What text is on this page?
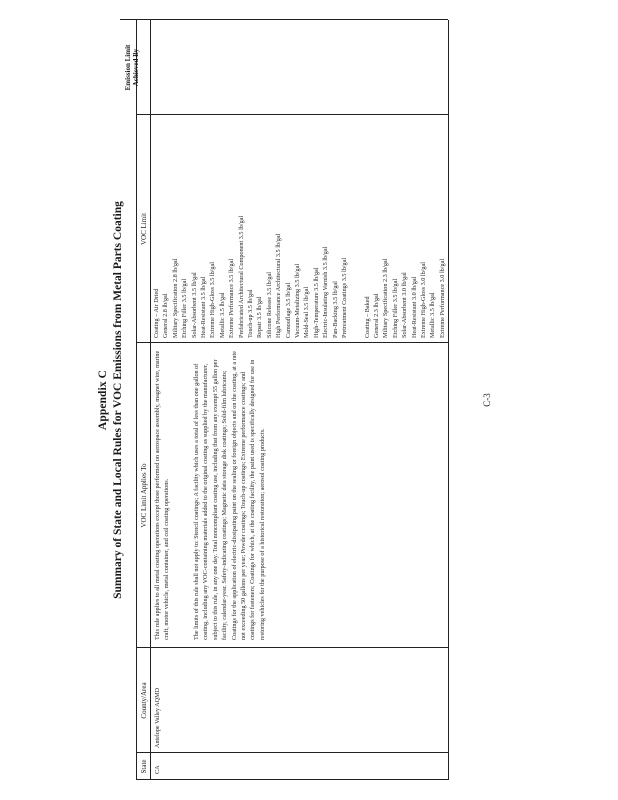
Appendix C Summary of State and Local Rules for VOC Emissions from Metal Parts Coating
State
County/Area
VOC Limit Applies To
VOC Limit
Emission Limit Achieved By
CA
Antelope Valley AQMD
This rule applies to all metal coating operations except those performed on aerospace assembly, magnet wire, marine craft, motor vehicle, metal container, and coil coating operations.	The limits of this rule shall not apply to: Stencil coatings; A facility which uses a total of less than one gallon of coating, including any VOC-containing materials added to the original coating as supplied by the manufacturer, subject to this rule, in any one day. Total noncompliant coating use, including that from any exempt 55 gallon per facility, calendar-year. Safety-indicating coatings; Magnetic data storage disk coatings; Solid-film lubricants; Coatings for the application of electric-dissipating paint on the sealing or foreign objects and on the coating, at a rate not exceeding 50 gallons per year; Powder coatings; Touch-up coatings; Extreme performance coatings; and coatings for fasteners; Coatings for which, at the coating facility, the paint used is specifically designed for use in restoring vehicles for the purpose of a historical restoration; aerosol coating products.
Coating – Air Dried General 2.8 lb/gal Military Specification 2.8 lb/gal Etching Filler 3.5 lb/gal Solar-Absorbent 3.5 lb/gal Heat-Resistant 3.5 lb/gal Extreme High-Gloss 3.5 lb/gal Metallic 3.5 lb/gal Extreme Performance 3.5 lb/gal Prefabricated Architectural Component 3.5 lb/gal Touch-up 3.5 lb/gal Repair 3.5 lb/gal Silicone Release 3.5 lb/gal High Performance Architectural 3.5 lb/gal Camouflage 3.5 lb/gal Vacuum-Metalizing 3.5 lb/gal Mold-Seal 3.5 lb/gal High-Temperature 3.5 lb/gal Electric-Insulating Varnish 3.5 lb/gal Pan-Backing 3.5 lb/gal Pretreatment Coatings 3.5 lb/gal	Coating – Baked General 2.3 lb/gal Military Specification 2.3 lb/gal Etching Filler 3.5 lb/gal Solar-Absorbent 3.0 lb/gal Heat-Resistant 3.0 lb/gal Extreme High-Gloss 3.0 lb/gal Metallic 3.5 lb/gal Extreme Performance 3.0 lb/gal
C-3
